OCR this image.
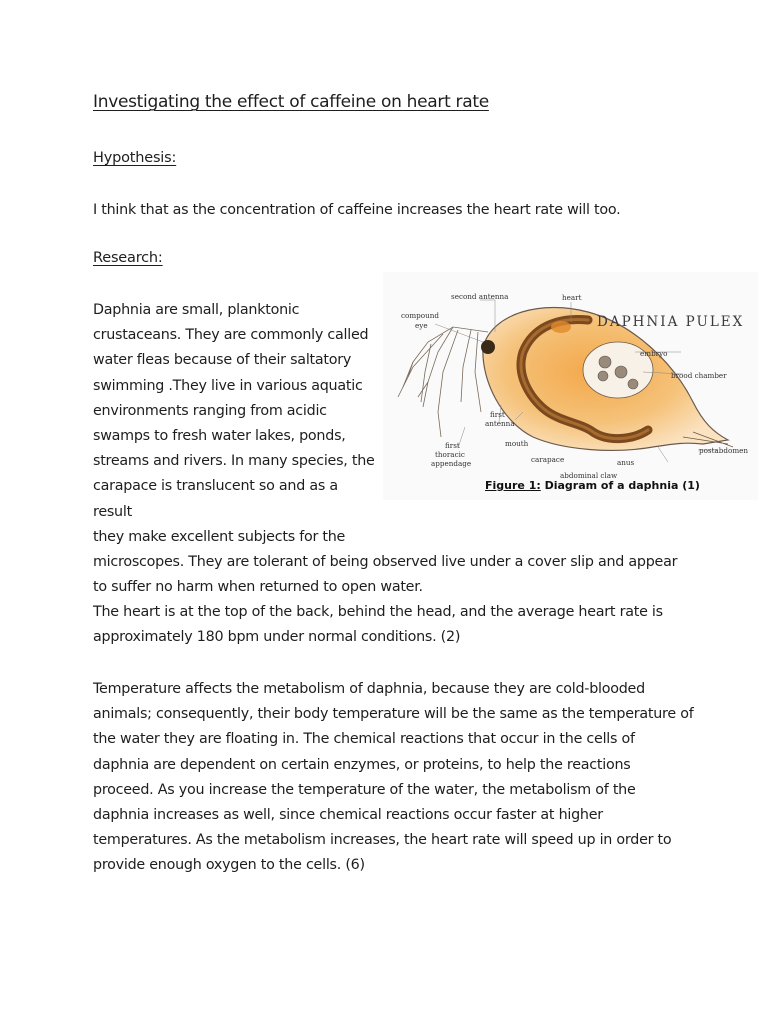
Investigating the effect of caffeine on heart rate
Hypothesis:

I think that as the concentration of caffeine increases the heart rate will too.

Research:
Daphnia are small, planktonic
crustaceans. They are commonly called
water fleas because of their saltatory
swimming .They live in various aquatic
environments ranging from acidic
swamps to fresh water lakes, ponds,
streams and rivers. In many species, the
carapace is translucent so and as a result
they make excellent subjects for the
microscopes. They are tolerant of being observed live under a cover slip and appear
to suffer no harm when returned to open water.
The heart is at the top of the back, behind the head, and the average heart rate is
approximately 180 bpm under normal conditions. (2)
Temperature affects the metabolism of daphnia, because they are cold-blooded
animals; consequently, their body temperature will be the same as the temperature of
the water they are floating in. The chemical reactions that occur in the cells of
daphnia are dependent on certain enzymes, or proteins, to help the reactions
proceed. As you increase the temperature of the water, the metabolism of the
daphnia increases as well, since chemical reactions occur faster at higher
temperatures. As the metabolism increases, the heart rate will speed up in order to
provide enough oxygen to the cells. (6)
second antenna	heart
compound
eye
embryo
brood chamber
first
antenna
mouth
first
thoracic
appendage	carapace	anus
postabdomen
abdominal claw
DAPHNIA PULEX

Figure 1: Diagram of a daphnia (1)
